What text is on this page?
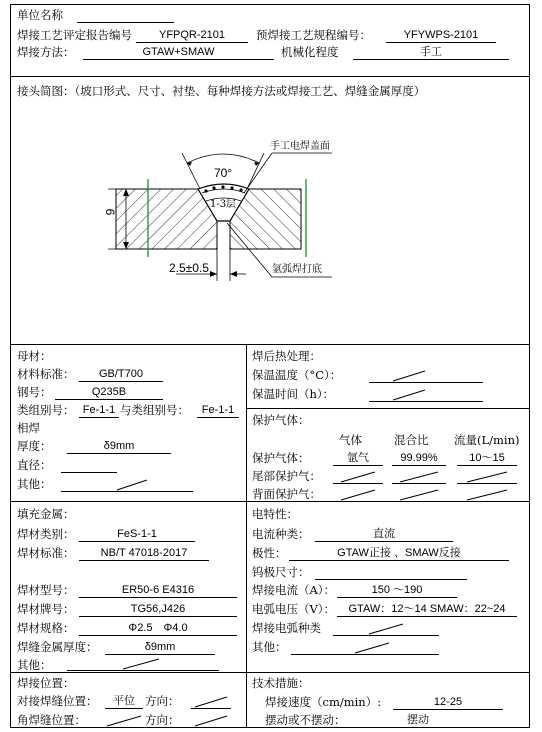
单位名称
焊接工艺评定报告编号	YFPQR-2101	预焊接工艺规程编号：	YFYWPS-2101
焊接方法：	GTAW+SMAW	机械化程度	手工
接头简图：（坡口形式、尺寸、衬垫、每种焊接方法或焊接工艺、焊缝金属厚度）
70°
9
2.5±0.5
1-3层
手工电焊盖面
氩弧焊打底
母材：
材料标准：	GB/T700
钢号：	Q235B
类组别号： Fe-1-1 与类组别号：	Fe-1-1
相焊
厚度：	δ9mm
直径：
其他：
焊后热处理：
保温温度（°C）：
保温时间（h）：
保护气体：
气体	混合比 流量(L/min)
保护气体：	氩气	99.99%	10～15
尾部保护气：
背面保护气：
填充金属：
焊材类别：	FeS-1-1
焊材标准：	NB/T 47018-2017
焊材型号：	ER50-6 E4316
焊材牌号：	TG56,J426
焊材规格：	Φ2.5　Φ4.0
焊缝金属厚度：	δ9mm
其他：
电特性：
电流种类：	直流
极性：	GTAW正接 、SMAW反接
钨极尺寸：
焊接电流（A）：	150 ～190
电弧电压（V）：	GTAW：12～14 SMAW：22~24
焊接电弧种类
其他：
焊接位置：
对接焊缝位置：	平位 方向：
角焊缝位置：	方向：
技术措施：
焊接速度（cm/min）:	12-25
摆动或不摆动：	摆动
